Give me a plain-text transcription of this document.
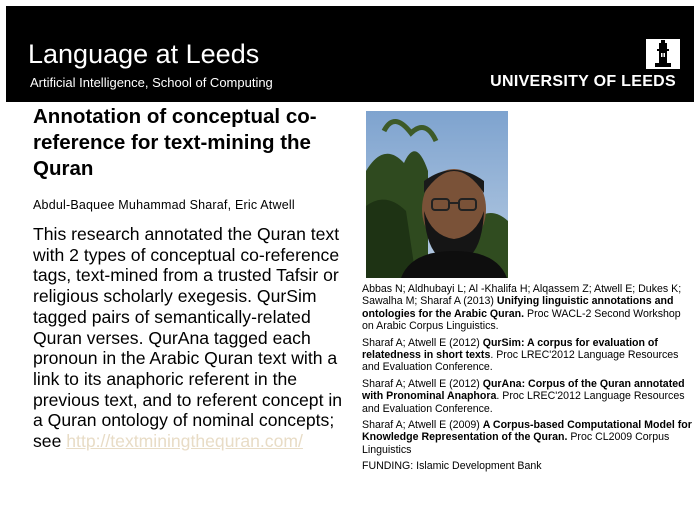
Language at Leeds
Artificial Intelligence, School of Computing	UNIVERSITY OF LEEDS
Annotation of conceptual co-reference for text-mining the Quran
Abdul-Baquee Muhammad Sharaf, Eric Atwell
This research annotated the Quran text with 2 types of conceptual co-reference tags, text-mined from a trusted Tafsir or religious scholarly exegesis. QurSim tagged pairs of semantically-related Quran verses. QurAna tagged each pronoun in the Arabic Quran text with a link to its anaphoric referent in the previous text, and to referent concept in a Quran ontology of nominal concepts; see http://textminingthequran.com/
Abbas N; Aldhubayi L; Al -Khalifa H; Alqassem Z; Atwell E; Dukes K; Sawalha M; Sharaf A (2013) Unifying linguistic annotations and ontologies for the Arabic Quran. Proc WACL-2 Second Workshop on Arabic Corpus Linguistics.
Sharaf A; Atwell E (2012) QurSim: A corpus for evaluation of relatedness in short texts. Proc LREC'2012 Language Resources and Evaluation Conference.
Sharaf A; Atwell E (2012) QurAna: Corpus of the Quran annotated with Pronominal Anaphora. Proc LREC'2012 Language Resources and Evaluation Conference.
Sharaf A; Atwell E (2009) A Corpus-based Computational Model for Knowledge Representation of the Quran. Proc CL2009 Corpus Linguistics
FUNDING: Islamic Development Bank
